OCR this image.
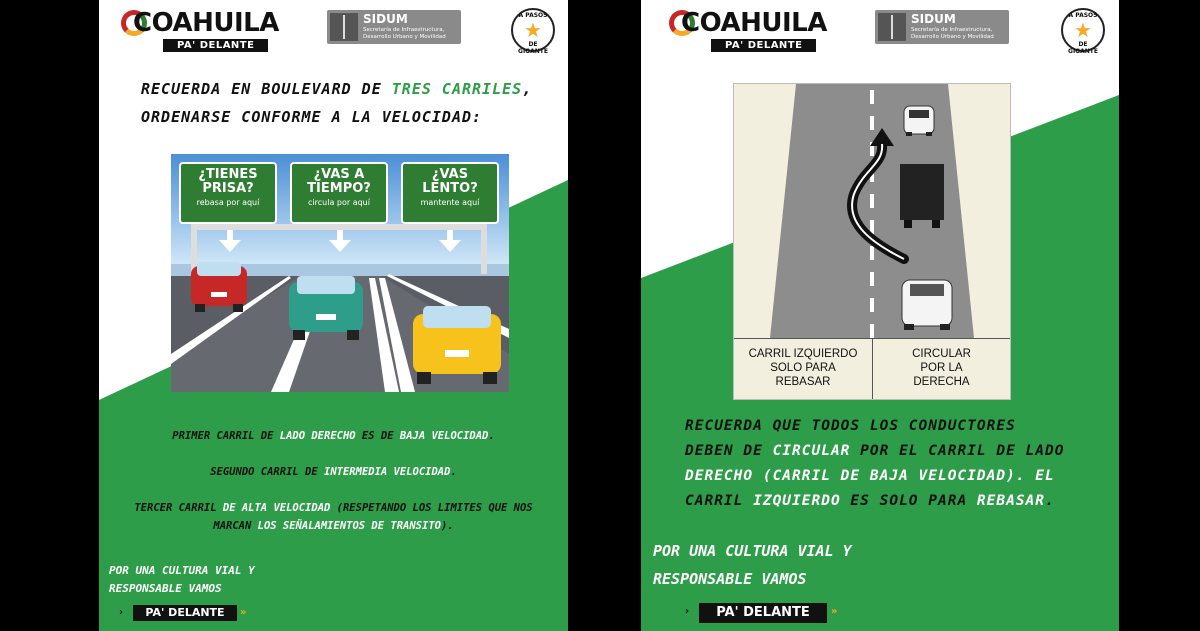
COAHUILA
PA' DELANTE
SIDUM
Secretaría de Infraestructura, Desarrollo Urbano y Movilidad
A PASOS
★
DE GIGANTE
RECUERDA EN BOULEVARD DE TRES CARRILES,
ORDENARSE CONFORME A LA VELOCIDAD:
¿TIENES
PRISA?
rebasa por aquí
¿VAS A
TIEMPO?
circula por aquí
¿VAS
LENTO?
mantente aquí
PRIMER CARRIL DE LADO DERECHO ES DE BAJA VELOCIDAD.
SEGUNDO CARRIL DE INTERMEDIA VELOCIDAD.
TERCER CARRIL DE ALTA VELOCIDAD (RESPETANDO LOS LIMITES QUE NOS
MARCAN LOS SEÑALAMIENTOS DE TRANSITO).
POR UNA CULTURA VIAL Y
RESPONSABLE VAMOS
›	PA' DELANTE	»
COAHUILA
PA' DELANTE
SIDUM
Secretaría de Infraestructura, Desarrollo Urbano y Movilidad
A PASOS
★
DE GIGANTE
CARRIL IZQUIERDO
SOLO PARA
REBASAR
CIRCULAR
POR LA
DERECHA
RECUERDA QUE TODOS LOS CONDUCTORES
DEBEN DE CIRCULAR POR EL CARRIL DE LADO
DERECHO (CARRIL DE BAJA VELOCIDAD). EL
CARRIL IZQUIERDO ES SOLO PARA REBASAR.
POR UNA CULTURA VIAL Y
RESPONSABLE VAMOS
›	PA' DELANTE	»
